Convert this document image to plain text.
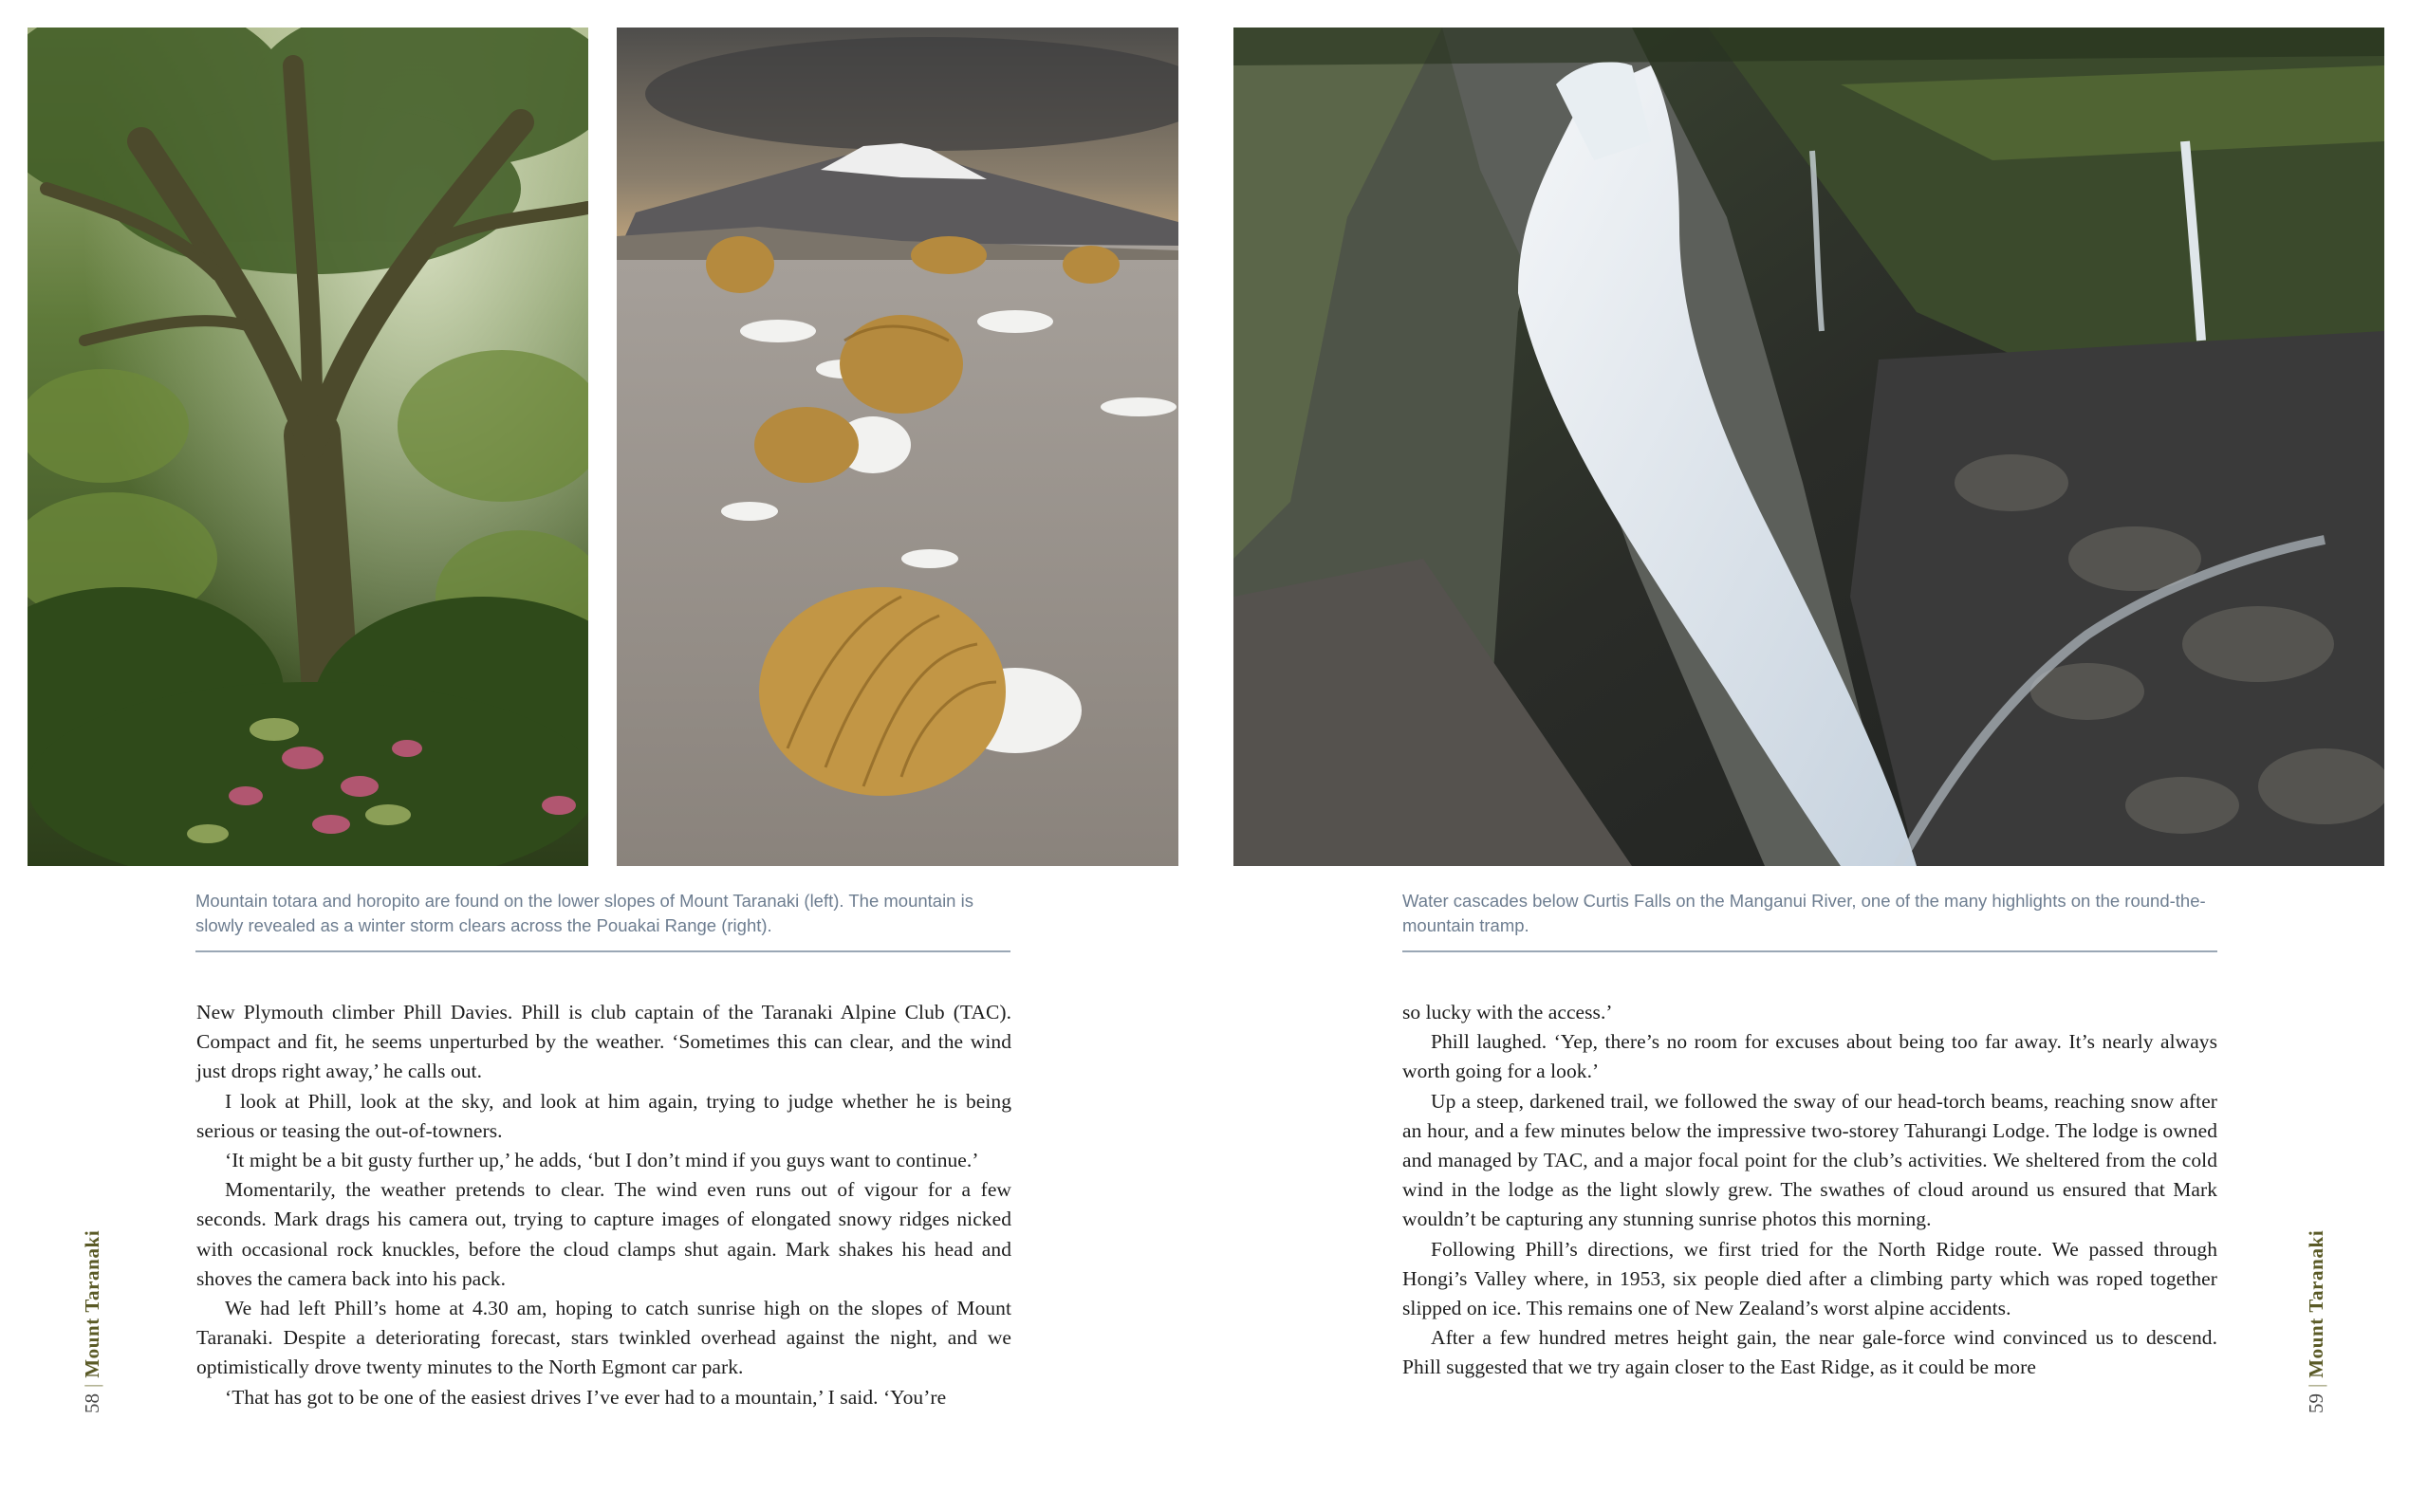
Mountain totara and horopito are found on the lower slopes of Mount Taranaki (left). The mountain is slowly revealed as a winter storm clears across the Pouakai Range (right).
Water cascades below Curtis Falls on the Manganui River, one of the many highlights on the round-the-mountain tramp.

New Plymouth climber Phill Davies. Phill is club captain of the Taranaki Alpine Club (TAC). Compact and fit, he seems unperturbed by the weather. ‘Sometimes this can clear, and the wind just drops right away,’ he calls out.

I look at Phill, look at the sky, and look at him again, trying to judge whether he is being serious or teasing the out-of-towners.

‘It might be a bit gusty further up,’ he adds, ‘but I don’t mind if you guys want to continue.’

Momentarily, the weather pretends to clear. The wind even runs out of vigour for a few seconds. Mark drags his camera out, trying to capture images of elongated snowy ridges nicked with occasional rock knuckles, before the cloud clamps shut again. Mark shakes his head and shoves the camera back into his pack.

We had left Phill’s home at 4.30 am, hoping to catch sunrise high on the slopes of Mount Taranaki. Despite a deteriorating forecast, stars twinkled overhead against the night, and we optimistically drove twenty minutes to the North Egmont car park.

‘That has got to be one of the easiest drives I’ve ever had to a mountain,’ I said. ‘You’re

so lucky with the access.’

Phill laughed. ‘Yep, there’s no room for excuses about being too far away. It’s nearly always worth going for a look.’

Up a steep, darkened trail, we followed the sway of our head-torch beams, reaching snow after an hour, and a few minutes below the impressive two-storey Tahurangi Lodge. The lodge is owned and managed by TAC, and a major focal point for the club’s activities. We sheltered from the cold wind in the lodge as the light slowly grew. The swathes of cloud around us ensured that Mark wouldn’t be capturing any stunning sunrise photos this morning.

Following Phill’s directions, we first tried for the North Ridge route. We passed through Hongi’s Valley where, in 1953, six people died after a climbing party which was roped together slipped on ice. This remains one of New Zealand’s worst alpine accidents.

After a few hundred metres height gain, the near gale-force wind convinced us to descend. Phill suggested that we try again closer to the East Ridge, as it could be more

58|Mount Taranaki
59|Mount Taranaki
